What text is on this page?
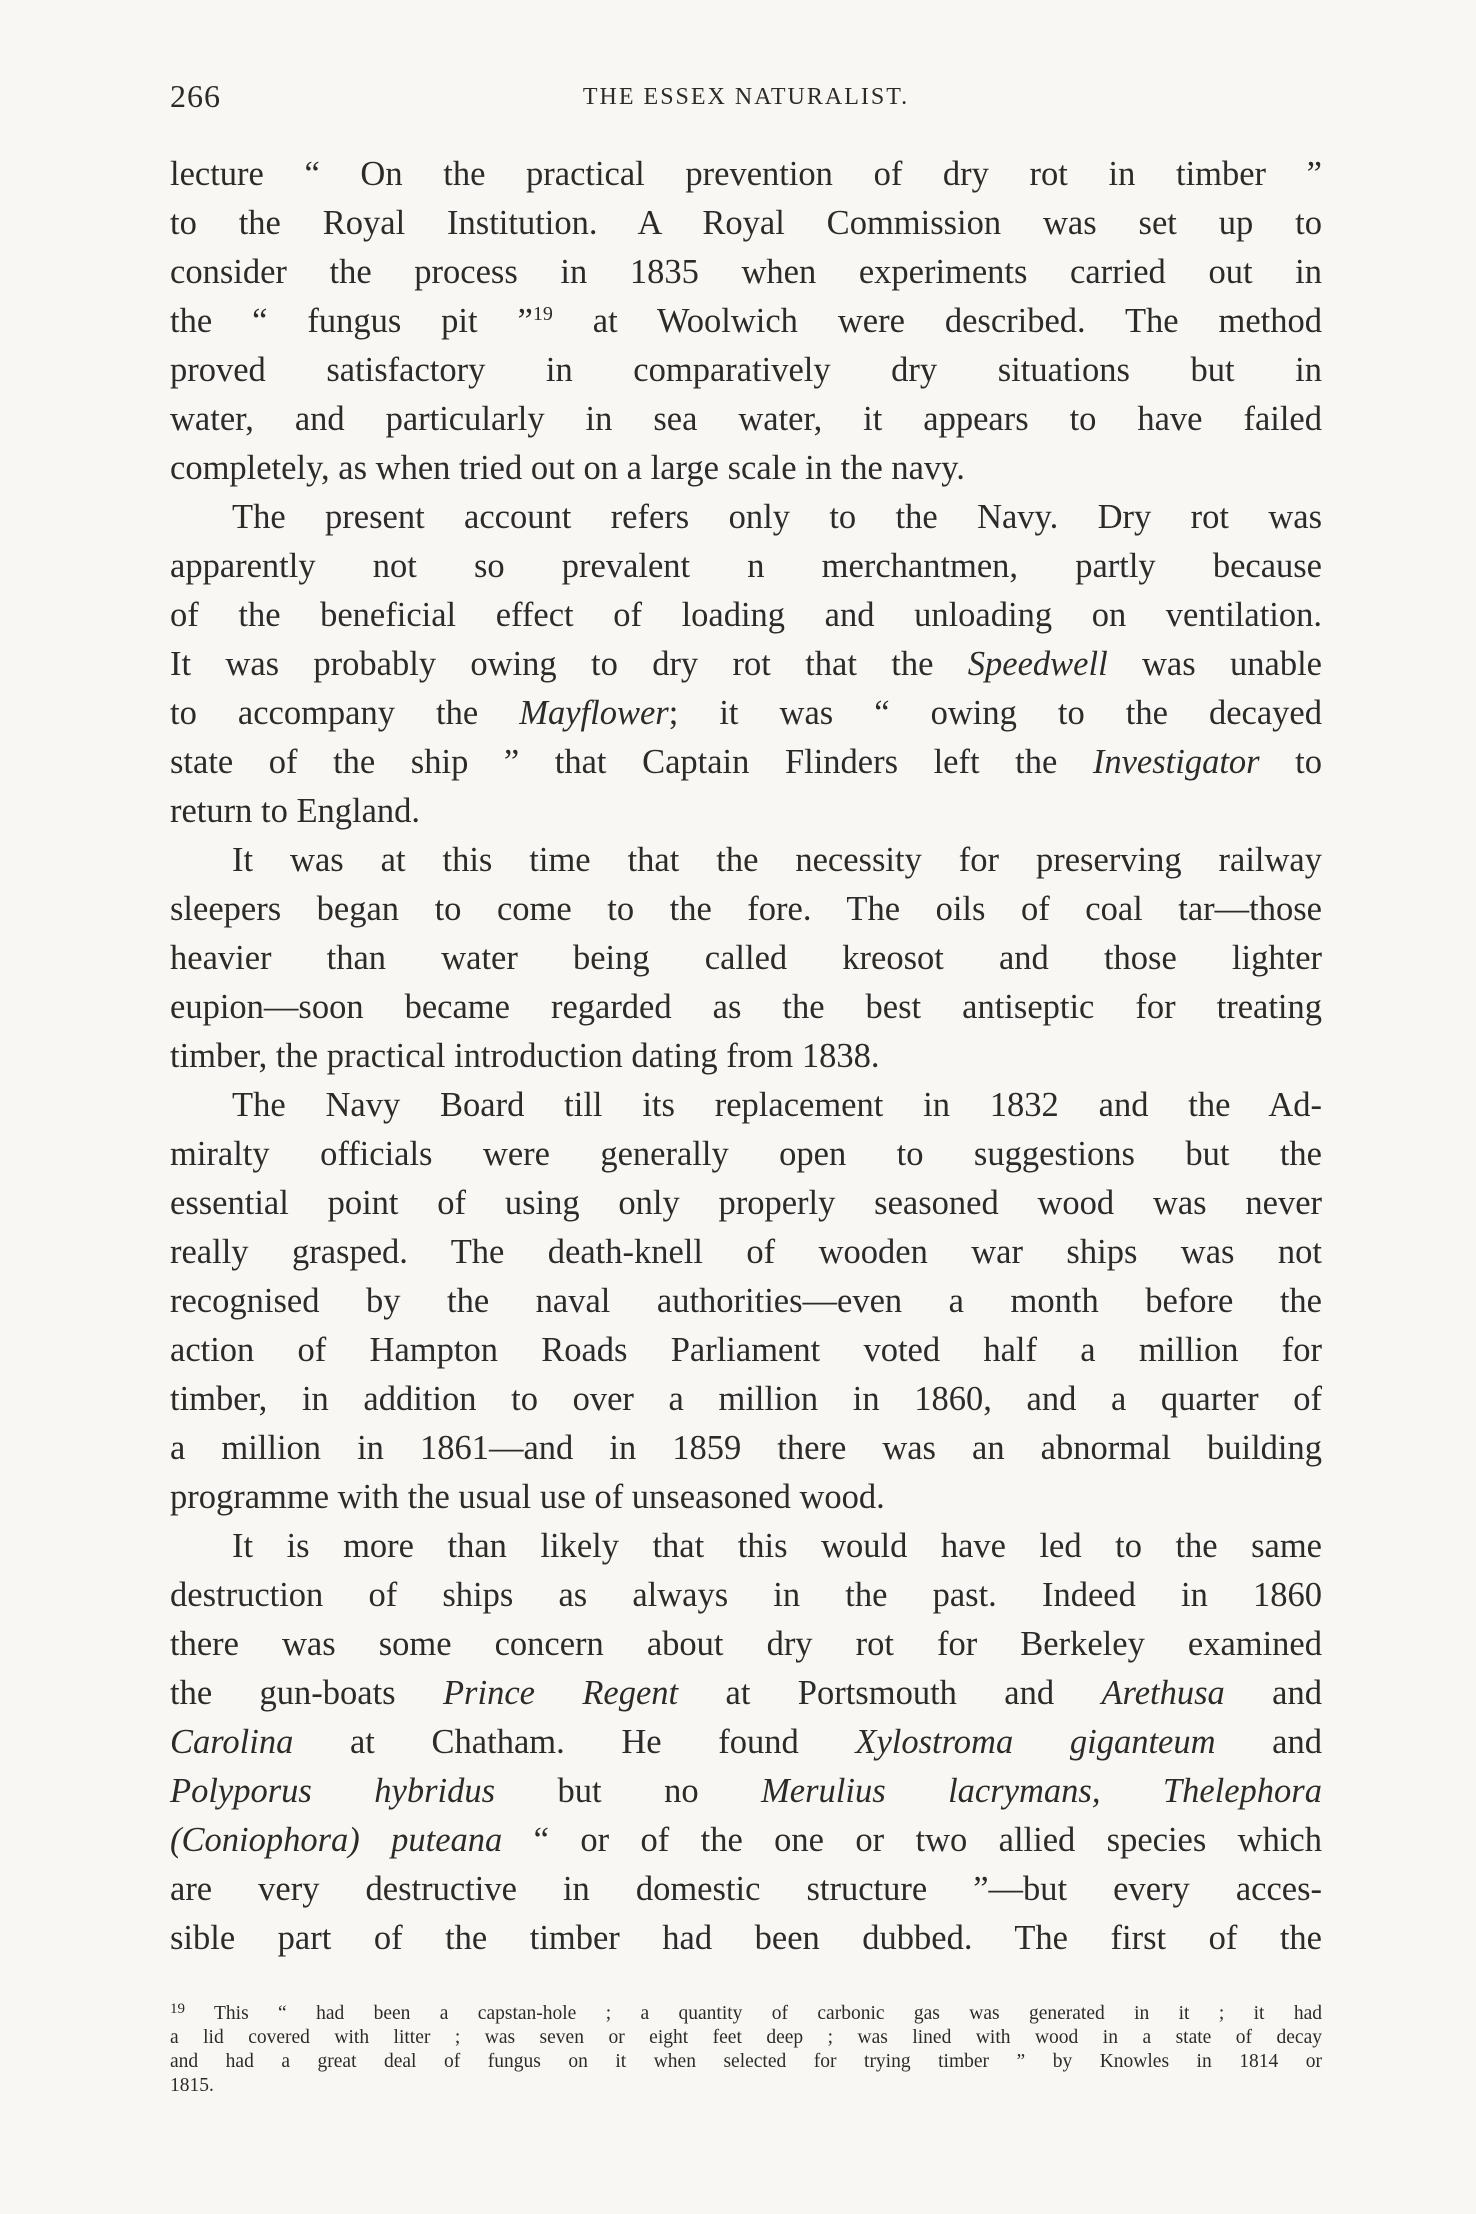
266	THE ESSEX NATURALIST.
lecture “ On the practical prevention of dry rot in timber ”
to the Royal Institution. A Royal Commission was set up to
consider the process in 1835 when experiments carried out in
the “ fungus pit ”$^{19}$ at Woolwich were described. The method
proved satisfactory in comparatively dry situations but in
water, and particularly in sea water, it appears to have failed
completely, as when tried out on a large scale in the navy.
The present account refers only to the Navy. Dry rot was
apparently not so prevalent n merchantmen, partly because
of the beneficial effect of loading and unloading on ventilation.
It was probably owing to dry rot that the Speedwell was unable
to accompany the Mayflower; it was “ owing to the decayed
state of the ship ” that Captain Flinders left the Investigator to
return to England.
It was at this time that the necessity for preserving railway
sleepers began to come to the fore. The oils of coal tar—those
heavier than water being called kreosot and those lighter
eupion—soon became regarded as the best antiseptic for treating
timber, the practical introduction dating from 1838.
The Navy Board till its replacement in 1832 and the Ad-
miralty officials were generally open to suggestions but the
essential point of using only properly seasoned wood was never
really grasped. The death-knell of wooden war ships was not
recognised by the naval authorities—even a month before the
action of Hampton Roads Parliament voted half a million for
timber, in addition to over a million in 1860, and a quarter of
a million in 1861—and in 1859 there was an abnormal building
programme with the usual use of unseasoned wood.
It is more than likely that this would have led to the same
destruction of ships as always in the past. Indeed in 1860
there was some concern about dry rot for Berkeley examined
the gun-boats Prince Regent at Portsmouth and Arethusa and
Carolina at Chatham. He found Xylostroma giganteum and
Polyporus hybridus but no Merulius lacrymans, Thelephora
(Coniophora) puteana “ or of the one or two allied species which
are very destructive in domestic structure ”—but every acces-
sible part of the timber had been dubbed. The first of the
$^{19}$ This “ had been a capstan-hole ; a quantity of carbonic gas was generated in it ; it had
a lid covered with litter ; was seven or eight feet deep ; was lined with wood in a state of decay
and had a great deal of fungus on it when selected for trying timber ” by Knowles in 1814 or
1815.
